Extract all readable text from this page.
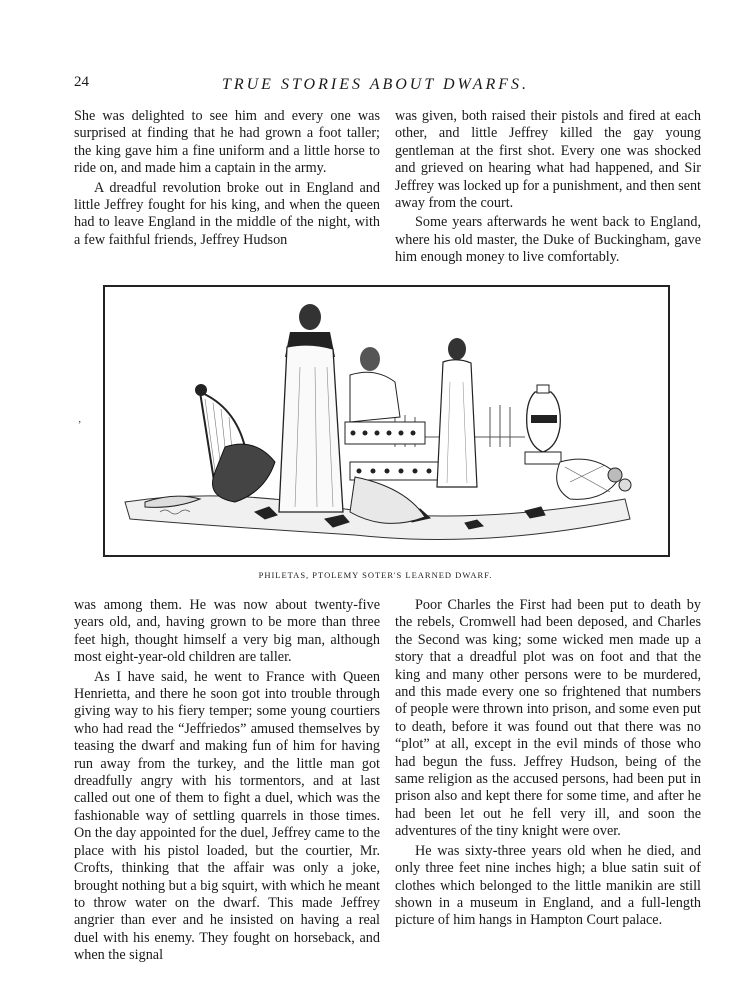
24	TRUE STORIES ABOUT DWARFS.

She was delighted to see him and every one was surprised at finding that he had grown a foot taller; the king gave him a fine uniform and a little horse to ride on, and made him a captain in the army.

A dreadful revolution broke out in England and little Jeffrey fought for his king, and when the queen had to leave England in the middle of the night, with a few faithful friends, Jeffrey Hudson

was given, both raised their pistols and fired at each other, and little Jeffrey killed the gay young gentleman at the first shot. Every one was shocked and grieved on hearing what had happened, and Sir Jeffrey was locked up for a punishment, and then sent away from the court.

Some years afterwards he went back to England, where his old master, the Duke of Buckingham, gave him enough money to live comfortably.

PHILETAS, PTOLEMY SOTER'S LEARNED DWARF.
ʼ

was among them. He was now about twenty-five years old, and, having grown to be more than three feet high, thought himself a very big man, although most eight-year-old children are taller.

As I have said, he went to France with Queen Henrietta, and there he soon got into trouble through giving way to his fiery temper; some young courtiers who had read the “Jeffriedos” amused themselves by teasing the dwarf and making fun of him for having run away from the turkey, and the little man got dreadfully angry with his tormentors, and at last called out one of them to fight a duel, which was the fashionable way of settling quarrels in those times. On the day appointed for the duel, Jeffrey came to the place with his pistol loaded, but the courtier, Mr. Crofts, thinking that the affair was only a joke, brought nothing but a big squirt, with which he meant to throw water on the dwarf. This made Jeffrey angrier than ever and he insisted on having a real duel with his enemy. They fought on horseback, and when the signal

Poor Charles the First had been put to death by the rebels, Cromwell had been deposed, and Charles the Second was king; some wicked men made up a story that a dreadful plot was on foot and that the king and many other persons were to be murdered, and this made every one so frightened that numbers of people were thrown into prison, and some even put to death, before it was found out that there was no “plot” at all, except in the evil minds of those who had begun the fuss. Jeffrey Hudson, being of the same religion as the accused persons, had been put in prison also and kept there for some time, and after he had been let out he fell very ill, and soon the adventures of the tiny knight were over.

He was sixty-three years old when he died, and only three feet nine inches high; a blue satin suit of clothes which belonged to the little manikin are still shown in a museum in England, and a full-length picture of him hangs in Hampton Court palace.
